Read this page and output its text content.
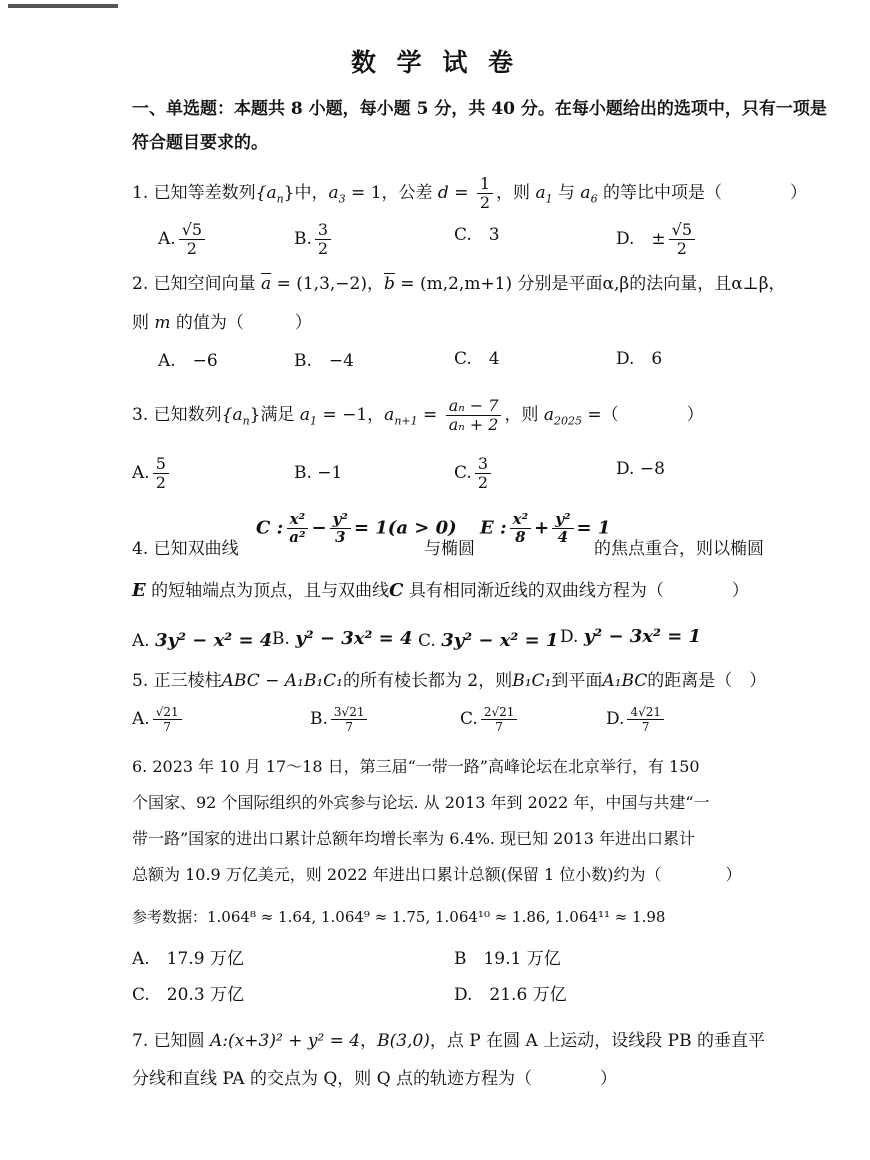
数 学 试 卷
一、单选题：本题共 8 小题，每小题 5 分，共 40 分。在每小题给出的选项中，只有一项是
符合题目要求的。
1. 已知等差数列$\{a_n\}$中，$a_3 = 1$，公差 $d = \frac{1}{2}$ ，则 $a_1$ 与 $a_6$ 的等比中项是（　　　　）
A. $\frac{√5}{2}$	B. $\frac{3}{2}$	C.　3	D.　± $\frac{√5}{2}$
2. 已知空间向量 $\overline{a} = (1,3,-2)$，$\overline{b} = (m,2,m+1)$ 分别是平面α,β的法向量，且α⊥β，
则 m 的值为（　　　）
A.　−6	B.　−4	C.　4	D.　6
3. 已知数列$\{a_n\}$满足 $a_1 = -1$，$a_{n+1} = \frac{\text{aₙ − 7}}{\text{aₙ + 2}}$ ，则 $a_{2025}$ =（　　　　）
A. $\frac{5}{2}$	B. −1	C. $\frac{3}{2}$	D. −8
4. 已知双曲线
C : $\frac{\text{x²}}{\text{a²}} - \frac{\text{y²}}{3} = 1(a > 0)$
与椭圆
E : $\frac{\text{x²}}{8} + \frac{\text{y²}}{4} = 1$
的焦点重合，则以椭圆
E 的短轴端点为顶点，且与双曲线C 具有相同渐近线的双曲线方程为（　　　　）
A. 3y² − x² = 4 B. y² − 3x² = 4 C. 3y² − x² = 1 D. y² − 3x² = 1
5. 正三棱柱ABC − A₁B₁C₁的所有棱长都为 2，则B₁C₁到平面A₁BC的距离是（　）
A. $\frac{√21}{7}$	B. $\frac{3√21}{7}$	C. $\frac{2√21}{7}$	D. $\frac{4√21}{7}$
6. 2023 年 10 月 17～18 日，第三届“一带一路”高峰论坛在北京举行，有 150
个国家、92 个国际组织的外宾参与论坛. 从 2013 年到 2022 年，中国与共建“一
带一路”国家的进出口累计总额年均增长率为 6.4%. 现已知 2013 年进出口累计
总额为 10.9 万亿美元，则 2022 年进出口累计总额(保留 1 位小数)约为（　　　　）
参考数据：1.064⁸ ≈ 1.64, 1.064⁹ ≈ 1.75, 1.064¹⁰ ≈ 1.86, 1.064¹¹ ≈ 1.98
A.　17.9 万亿	B　19.1 万亿
C.　20.3 万亿	D.　21.6 万亿
7. 已知圆 A:(x+3)² + y² = 4，B(3,0)，点 P 在圆 A 上运动，设线段 PB 的垂直平
分线和直线 PA 的交点为 Q，则 Q 点的轨迹方程为（　　　　）
